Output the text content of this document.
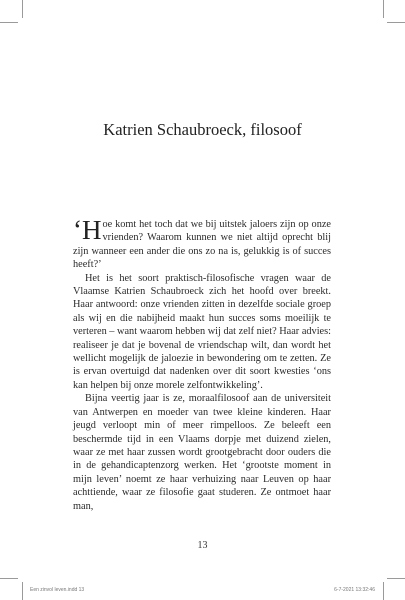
Katrien Schaubroeck, filosoof

‘H oe komt het toch dat we bij uitstek jaloers zijn op onze vrienden? Waarom kunnen we niet altijd oprecht blij zijn wanneer een ander die ons zo na is, gelukkig is of succes heeft?’

Het is het soort praktisch-filosofische vragen waar de Vlaamse Katrien Schaubroeck zich het hoofd over breekt. Haar antwoord: onze vrienden zitten in dezelfde sociale groep als wij en die nabijheid maakt hun succes soms moeilijk te verteren – want waarom hebben wij dat zelf niet? Haar advies: realiseer je dat je bovenal de vriendschap wilt, dan wordt het wellicht mogelijk de jaloezie in bewondering om te zetten. Ze is ervan overtuigd dat nadenken over dit soort kwesties ‘ons kan helpen bij onze morele zelfontwikkeling’.

Bijna veertig jaar is ze, moraalfilosoof aan de universiteit van Antwerpen en moeder van twee kleine kinderen. Haar jeugd verloopt min of meer rimpelloos. Ze beleeft een beschermde tijd in een Vlaams dorpje met duizend zielen, waar ze met haar zussen wordt grootgebracht door ouders die in de gehandicaptenzorg werken. Het ‘grootste moment in mijn leven’ noemt ze haar verhuizing naar Leuven op haar achttiende, waar ze filosofie gaat studeren. Ze ontmoet haar man,

13
Een zinvol leven.indd 13	6-7-2021 13:32:46
